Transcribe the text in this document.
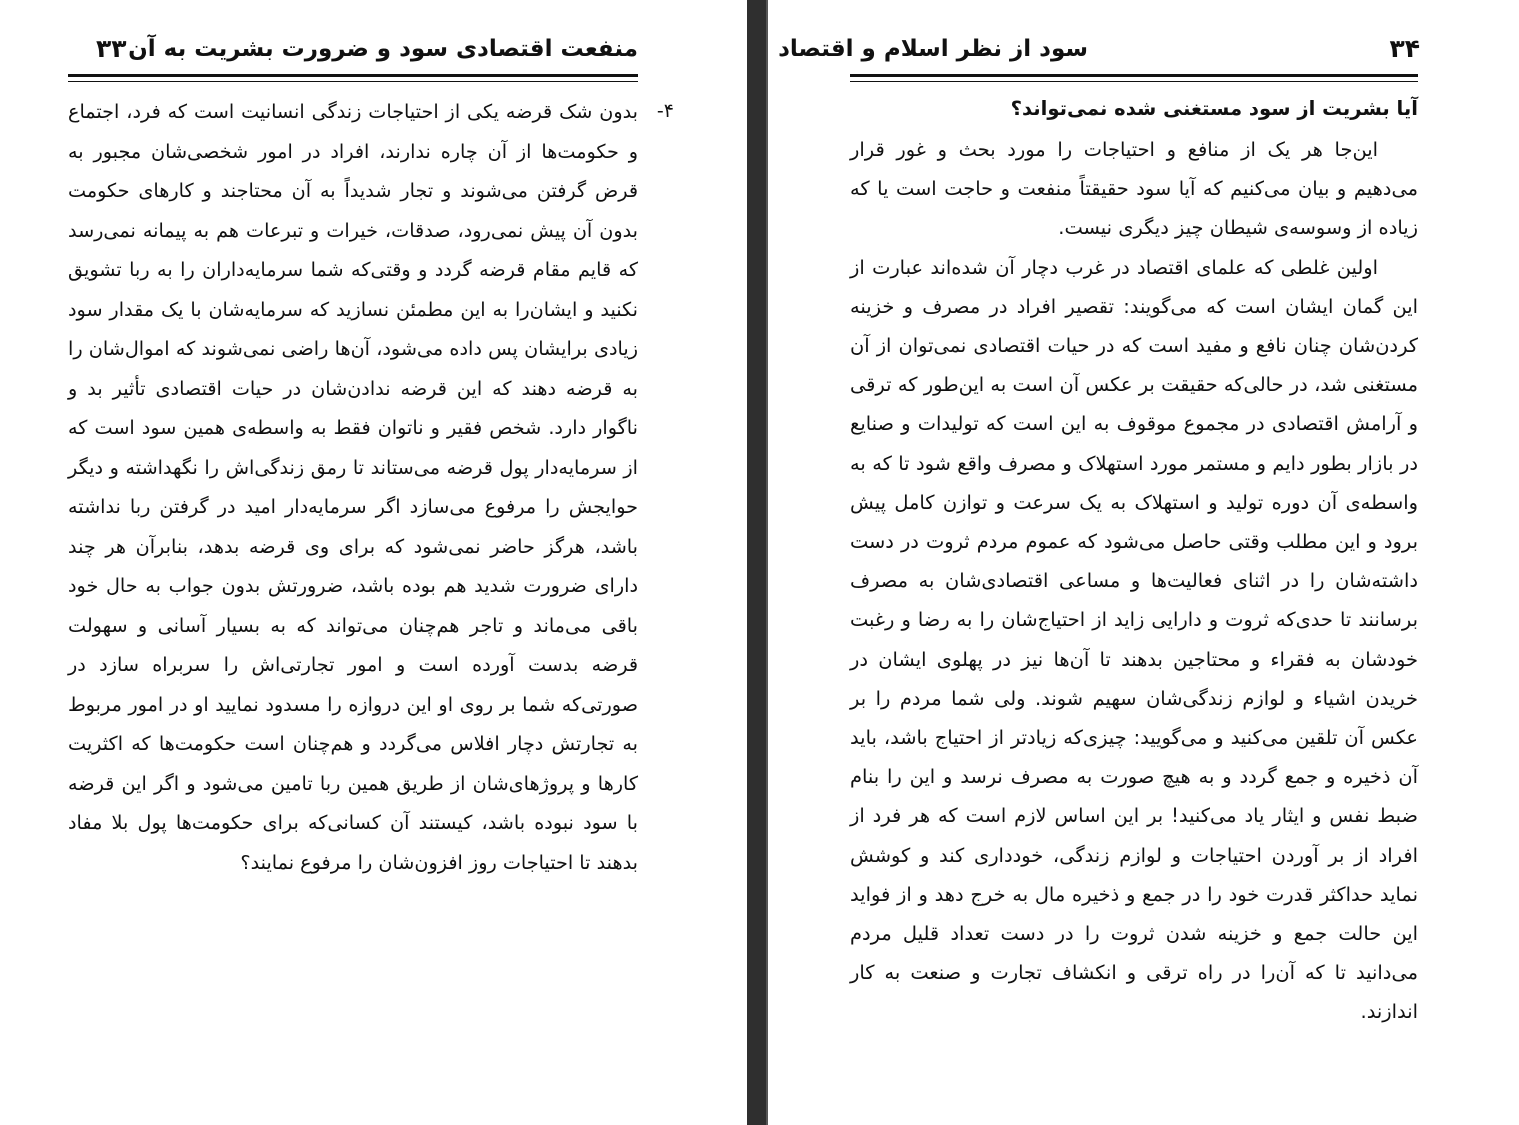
منفعت اقتصادی سود و ضرورت بشریت به آن
۳۳
۴-

بدون شک قرضه یکی از احتیاجات زندگی انسانیت است که فرد، اجتماع و حکومت‌ها از آن چاره ندارند، افراد در امور شخصی‌شان مجبور به قرض گرفتن می‌شوند و تجار شدیداً به آن محتاجند و کارهای حکومت بدون آن پیش نمی‌رود، صدقات، خیرات و تبرعات هم به پیمانه نمی‌رسد که قایم مقام قرضه گردد و وقتی‌که شما سرمایه‌داران را به ربا تشویق نکنید و ایشان‌را به این مطمئن نسازید که سرمایه‌شان با یک مقدار سود زیادی برایشان پس داده می‌شود، آن‌ها راضی نمی‌شوند که اموال‌شان را به قرضه دهند که این قرضه ندادن‌شان در حیات اقتصادی تأثیر بد و ناگوار دارد. شخص فقیر و ناتوان فقط به واسطه‌ی همین سود است که از سرمایه‌دار پول قرضه می‌ستاند تا رمق زندگی‌اش را نگهداشته و دیگر حوایجش را مرفوع می‌سازد اگر سرمایه‌دار امید در گرفتن ربا نداشته باشد، هرگز حاضر نمی‌شود که برای وی قرضه بدهد، بنابرآن هر چند دارای ضرورت شدید هم بوده باشد، ضرورتش بدون جواب به حال خود باقی می‌ماند و تاجر هم‌چنان می‌تواند که به بسیار آسانی و سهولت قرضه بدست آورده است و امور تجارتی‌اش را سربراه سازد در صورتی‌که شما بر روی او این دروازه را مسدود نمایید او در امور مربوط به تجارتش دچار افلاس می‌گردد و هم‌چنان است حکومت‌ها که اکثریت کارها و پروژهای‌شان از طریق همین ربا تامین می‌شود و اگر این قرضه با سود نبوده باشد، کیستند آن کسانی‌که برای حکومت‌ها پول بلا مفاد بدهند تا احتیاجات روز افزون‌شان را مرفوع نمایند؟

۳۴
سود از نظر اسلام و اقتصاد
آیا بشریت از سود مستغنی شده نمی‌تواند؟

این‌جا هر یک از منافع و احتیاجات را مورد بحث و غور قرار می‌دهیم و بیان می‌کنیم که آیا سود حقیقتاً منفعت و حاجت است یا که زیاده از وسوسه‌ی شیطان چیز دیگری نیست.

اولین غلطی که علمای اقتصاد در غرب دچار آن شده‌اند عبارت از این گمان ایشان است که می‌گویند: تقصیر افراد در مصرف و خزینه کردن‌شان چنان نافع و مفید است که در حیات اقتصادی نمی‌توان از آن مستغنی شد، در حالی‌که حقیقت بر عکس آن است به این‌طور که ترقی و آرامش اقتصادی در مجموع موقوف به این است که تولیدات و صنایع در بازار بطور دایم و مستمر مورد استهلاک و مصرف واقع شود تا که به واسطه‌ی آن دوره تولید و استهلاک به یک سرعت و توازن کامل پیش برود و این مطلب وقتی حاصل می‌شود که عموم مردم ثروت در دست داشته‌شان را در اثنای فعالیت‌ها و مساعی اقتصادی‌شان به مصرف برسانند تا حدی‌که ثروت و دارایی زاید از احتیاج‌شان را به رضا و رغبت خودشان به فقراء و محتاجین بدهند تا آن‌ها نیز در پهلوی ایشان در خریدن اشیاء و لوازم زندگی‌شان سهیم شوند. ولی شما مردم را بر عکس آن تلقین می‌کنید و می‌گویید: چیزی‌که زیادتر از احتیاج باشد، باید آن ذخیره و جمع گردد و به هیچ صورت به مصرف نرسد و این را بنام ضبط نفس و ایثار یاد می‌کنید! بر این اساس لازم است که هر فرد از افراد از بر آوردن احتیاجات و لوازم زندگی، خودداری کند و کوشش نماید حداکثر قدرت خود را در جمع و ذخیره مال به خرج دهد و از فواید این حالت جمع و خزینه شدن ثروت را در دست تعداد قلیل مردم می‌دانید تا که آن‌را در راه ترقی و انکشاف تجارت و صنعت به کار اندازند.
